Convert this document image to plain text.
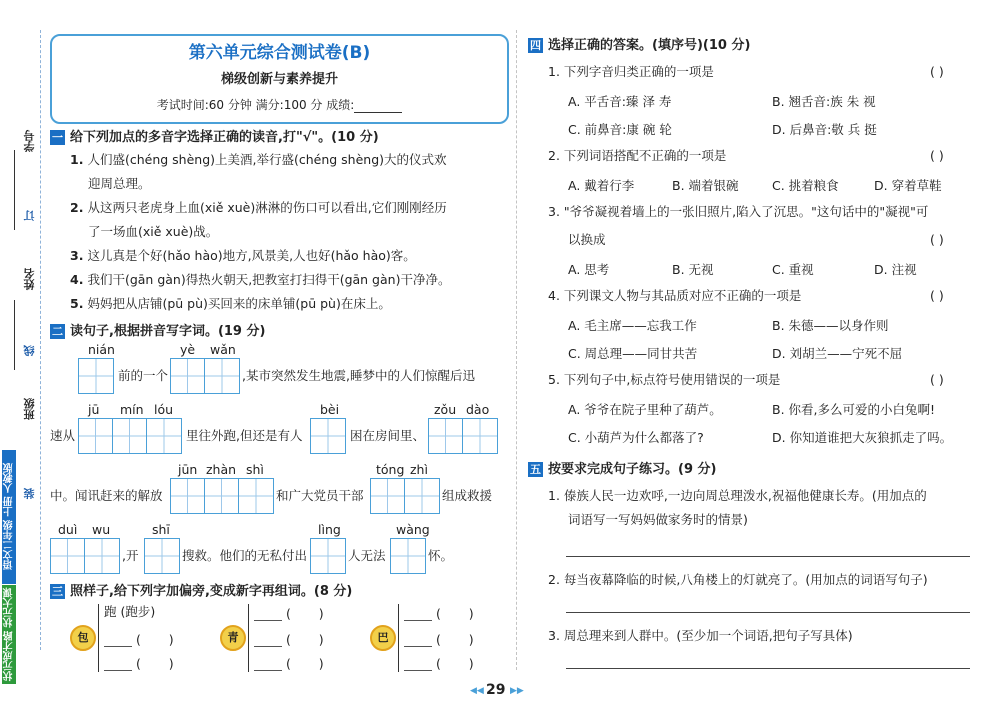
学号
订
姓名
线
班级
装
语文二年级 上册 人教版
状元成才路 状元大课堂
第六单元综合测试卷(B)
梯级创新与素养提升
考试时间:60 分钟 满分:100 分 成绩:
一 给下列加点的多音字选择正确的读音,打"√"。(10 分)
1. 人们盛(chéng shèng)上美酒,举行盛(chéng shèng)大的仪式欢
迎周总理。
2. 从这两只老虎身上血(xiě xuè)淋淋的伤口可以看出,它们刚刚经历
了一场血(xiě xuè)战。
3. 这儿真是个好(hǎo hào)地方,风景美,人也好(hǎo hào)客。
4. 我们干(gān gàn)得热火朝天,把教室打扫得干(gān gàn)干净净。
5. 妈妈把从店铺(pū pù)买回来的床单铺(pū pù)在床上。
二 读句子,根据拼音写字词。(19 分)
nián
前的一个
yè wǎn
,某市突然发生地震,睡梦中的人们惊醒后迅
速从
jū mín lóu
里往外跑,但还是有人
bèi
困在房间里、
zǒu dào
中。闻讯赶来的解放
jūn zhàn shì
和广大党员干部
tóng zhì
组成救援
duì wu
,开
shī
搜救。他们的无私付出
lìng
人无法
wàng
怀。
三 照样子,给下列字加偏旁,变成新字再组词。(8 分)
包
跑 (跑步)
(       )
(       )
青
(       )
(       )
(       )
巴
(       )
(       )
(       )
四 选择正确的答案。(填序号)(10 分)
1. 下列字音归类正确的一项是	( )
A. 平舌音:臻 泽 寿	B. 翘舌音:族 朱 视
C. 前鼻音:康 碗 轮	D. 后鼻音:敬 兵 挺
2. 下列词语搭配不正确的一项是	( )
A. 戴着行李	B. 端着银碗	C. 挑着粮食	D. 穿着草鞋
3. "爷爷凝视着墙上的一张旧照片,陷入了沉思。"这句话中的"凝视"可
以换成	( )
A. 思考	B. 无视	C. 重视	D. 注视
4. 下列课文人物与其品质对应不正确的一项是	( )
A. 毛主席——忘我工作	B. 朱德——以身作则
C. 周总理——同甘共苦	D. 刘胡兰——宁死不屈
5. 下列句子中,标点符号使用错误的一项是	( )
A. 爷爷在院子里种了葫芦。	B. 你看,多么可爱的小白兔啊!
C. 小葫芦为什么都落了?	D. 你知道谁把大灰狼抓走了吗。
五 按要求完成句子练习。(9 分)
1. 傣族人民一边欢呼,一边向周总理泼水,祝福他健康长寿。(用加点的
词语写一写妈妈做家务时的情景)
2. 每当夜幕降临的时候,八角楼上的灯就亮了。(用加点的词语写句子)
3. 周总理来到人群中。(至少加一个词语,把句子写具体)
◀◀ 29 ▶▶
